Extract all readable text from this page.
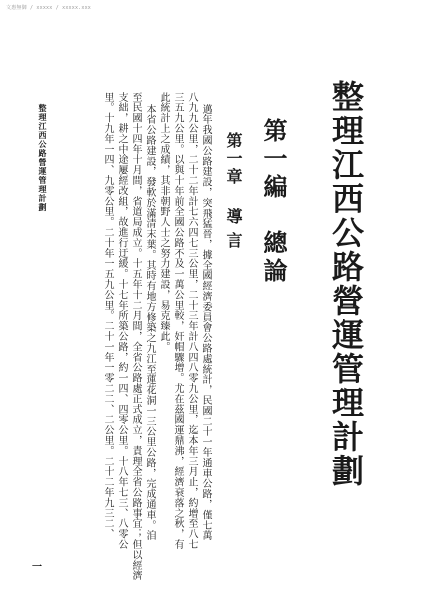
文惠無御 / xxxxx / xxxxx.xxx
整理江西公路營運管理計劃
第一編　總論
第一章
導言
邁年我國公路建設，突飛猛晉，據全國經濟委員會公路處統計，民國二十一年通車公路，僅七萬
八九九公里，二十二年計七六四七三公里，二十三年計八四八零九公里，迄本年三月止，約增至八七
三五九公里。以與十年前全國公路不及一萬公里較，奸帽驟增。尤在茲國運鼎沸，經濟衰落之秋，有
此統計上之成績，其非朝野人士之努力建設，易克臻此。
本省公路建設，發軟於滿清末葉。其時有地方修築之九江至蓮花洞一三公里公路，完成通車。洎
至民國十四年十月間，省道局成立。十五年十二月間，全省公路處正式成立，責理全省公路事宜；但以經濟
支絀，耕之中途屢經改組，故進行迂緩。十七年所築公路，約一四、四零公里。十八年七三、八零公
里。十九年一四、九零公里。二十年一五九公里。二十一年一零二二、二公里。二十二年九三二、
整理江西公路營運管理計劃
一
